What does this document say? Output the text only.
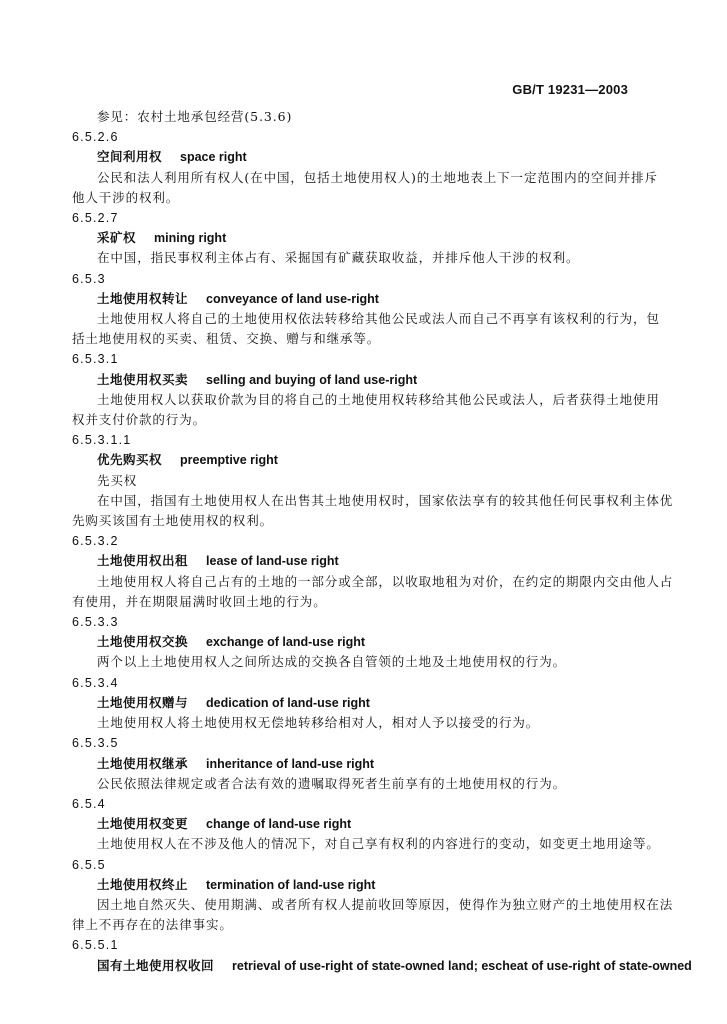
GB/T 19231—2003
参见：农村土地承包经营(5.3.6)
6.5.2.6
空间利用权 space right
公民和法人利用所有权人(在中国，包括土地使用权人)的土地地表上下一定范围内的空间并排斥
他人干涉的权利。
6.5.2.7
采矿权 mining right
在中国，指民事权利主体占有、采掘国有矿藏获取收益，并排斥他人干涉的权利。
6.5.3
土地使用权转让 conveyance of land use-right
土地使用权人将自己的土地使用权依法转移给其他公民或法人而自己不再享有该权利的行为，包
括土地使用权的买卖、租赁、交换、赠与和继承等。
6.5.3.1
土地使用权买卖 selling and buying of land use-right
土地使用权人以获取价款为目的将自己的土地使用权转移给其他公民或法人，后者获得土地使用
权并支付价款的行为。
6.5.3.1.1
优先购买权 preemptive right
先买权
在中国，指国有土地使用权人在出售其土地使用权时，国家依法享有的较其他任何民事权利主体优
先购买该国有土地使用权的权利。
6.5.3.2
土地使用权出租 lease of land-use right
土地使用权人将自己占有的土地的一部分或全部，以收取地租为对价，在约定的期限内交由他人占
有使用，并在期限届满时收回土地的行为。
6.5.3.3
土地使用权交换 exchange of land-use right
两个以上土地使用权人之间所达成的交换各自管领的土地及土地使用权的行为。
6.5.3.4
土地使用权赠与 dedication of land-use right
土地使用权人将土地使用权无偿地转移给相对人，相对人予以接受的行为。
6.5.3.5
土地使用权继承 inheritance of land-use right
公民依照法律规定或者合法有效的遗嘱取得死者生前享有的土地使用权的行为。
6.5.4
土地使用权变更 change of land-use right
土地使用权人在不涉及他人的情况下，对自己享有权利的内容进行的变动，如变更土地用途等。
6.5.5
土地使用权终止 termination of land-use right
因土地自然灭失、使用期满、或者所有权人提前收回等原因，使得作为独立财产的土地使用权在法
律上不再存在的法律事实。
6.5.5.1
国有土地使用权收回 retrieval of use-right of state-owned land; escheat of use-right of state-owned
